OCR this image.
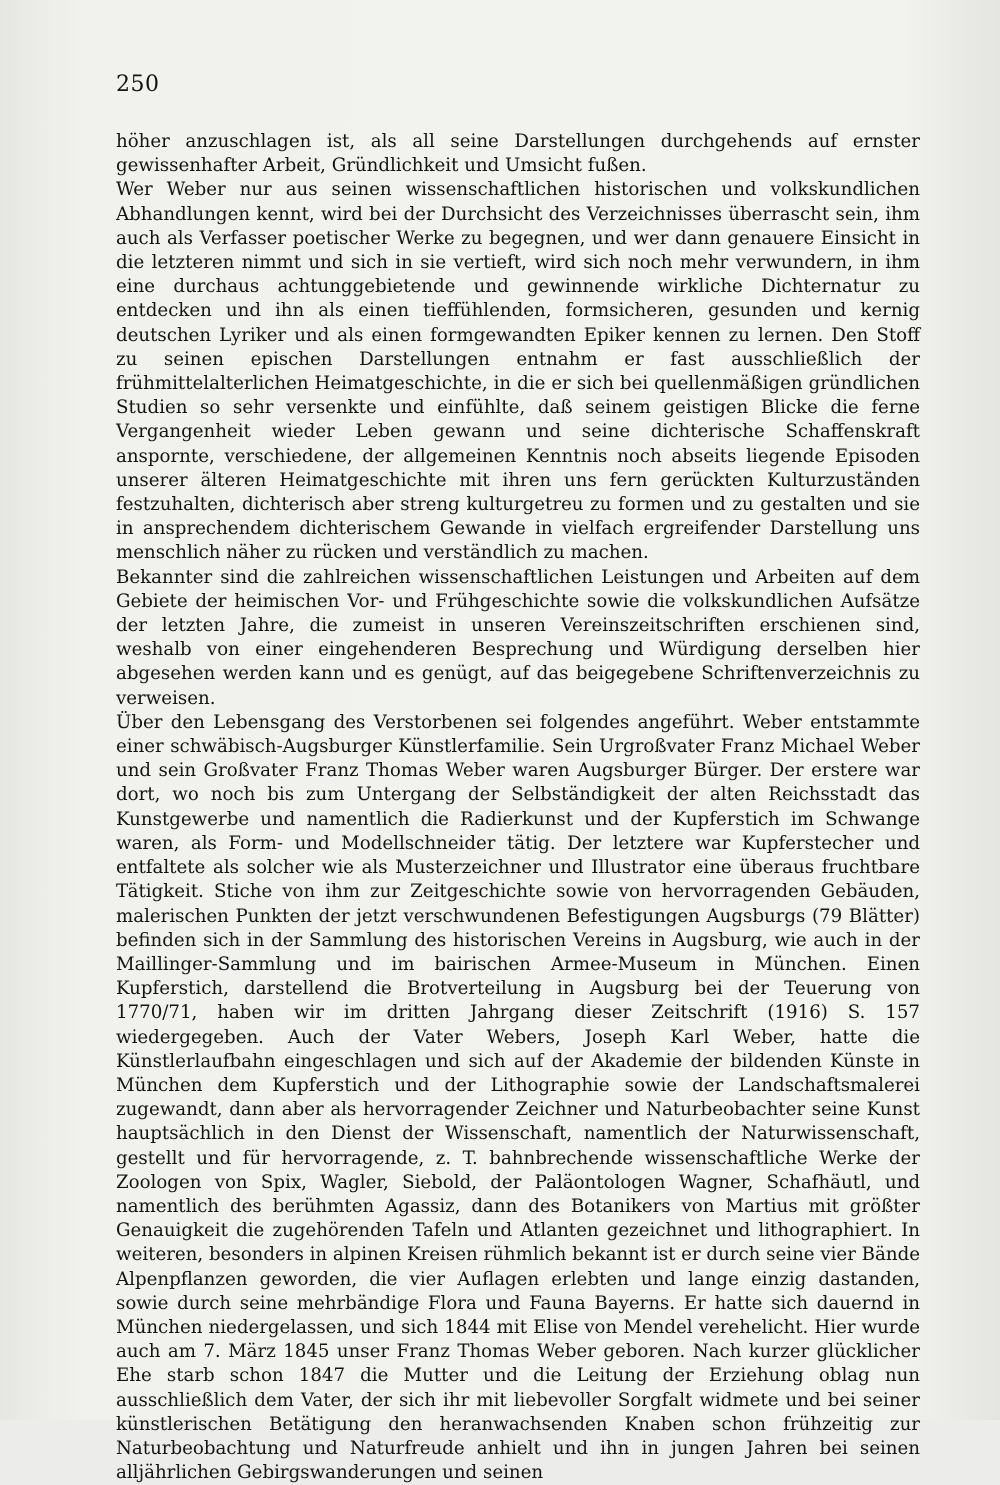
250

höher anzuschlagen ist, als all seine Darstellungen durchgehends auf ernster gewissenhafter Arbeit, Gründlichkeit und Umsicht fußen.

Wer Weber nur aus seinen wissenschaftlichen historischen und volkskundlichen Abhandlungen kennt, wird bei der Durchsicht des Verzeichnisses überrascht sein, ihm auch als Verfasser poetischer Werke zu begegnen, und wer dann genauere Einsicht in die letzteren nimmt und sich in sie vertieft, wird sich noch mehr verwundern, in ihm eine durchaus achtunggebietende und gewinnende wirkliche Dichternatur zu entdecken und ihn als einen tieffühlenden, formsicheren, gesunden und kernig deutschen Lyriker und als einen formgewandten Epiker kennen zu lernen. Den Stoff zu seinen epischen Darstellungen entnahm er fast ausschließlich der frühmittelalterlichen Heimatgeschichte, in die er sich bei quellenmäßigen gründlichen Studien so sehr versenkte und einfühlte, daß seinem geistigen Blicke die ferne Vergangenheit wieder Leben gewann und seine dichterische Schaffenskraft anspornte, verschiedene, der allgemeinen Kenntnis noch abseits liegende Episoden unserer älteren Heimatgeschichte mit ihren uns fern gerückten Kulturzuständen festzuhalten, dichterisch aber streng kulturgetreu zu formen und zu gestalten und sie in ansprechendem dichterischem Gewande in vielfach ergreifender Darstellung uns menschlich näher zu rücken und verständlich zu machen.

Bekannter sind die zahlreichen wissenschaftlichen Leistungen und Arbeiten auf dem Gebiete der heimischen Vor- und Frühgeschichte sowie die volkskundlichen Aufsätze der letzten Jahre, die zumeist in unseren Vereinszeitschriften erschienen sind, weshalb von einer eingehenderen Besprechung und Würdigung derselben hier abgesehen werden kann und es genügt, auf das beigegebene Schriftenverzeichnis zu verweisen.

Über den Lebensgang des Verstorbenen sei folgendes angeführt. Weber entstammte einer schwäbisch-Augsburger Künstlerfamilie. Sein Urgroßvater Franz Michael Weber und sein Großvater Franz Thomas Weber waren Augsburger Bürger. Der erstere war dort, wo noch bis zum Untergang der Selbständigkeit der alten Reichsstadt das Kunstgewerbe und namentlich die Radierkunst und der Kupferstich im Schwange waren, als Form- und Modellschneider tätig. Der letztere war Kupferstecher und entfaltete als solcher wie als Musterzeichner und Illustrator eine überaus fruchtbare Tätigkeit. Stiche von ihm zur Zeitgeschichte sowie von hervorragenden Gebäuden, malerischen Punkten der jetzt verschwundenen Befestigungen Augsburgs (79 Blätter) befinden sich in der Sammlung des historischen Vereins in Augsburg, wie auch in der Maillinger-Sammlung und im bairischen Armee-Museum in München. Einen Kupferstich, darstellend die Brotverteilung in Augsburg bei der Teuerung von 1770/71, haben wir im dritten Jahrgang dieser Zeitschrift (1916) S. 157 wiedergegeben. Auch der Vater Webers, Joseph Karl Weber, hatte die Künstlerlaufbahn eingeschlagen und sich auf der Akademie der bildenden Künste in München dem Kupferstich und der Lithographie sowie der Landschaftsmalerei zugewandt, dann aber als hervorragender Zeichner und Naturbeobachter seine Kunst hauptsächlich in den Dienst der Wissenschaft, namentlich der Naturwissenschaft, gestellt und für hervorragende, z. T. bahnbrechende wissenschaftliche Werke der Zoologen von Spix, Wagler, Siebold, der Paläontologen Wagner, Schafhäutl, und namentlich des berühmten Agassiz, dann des Botanikers von Martius mit größter Genauigkeit die zugehörenden Tafeln und Atlanten gezeichnet und lithographiert. In weiteren, besonders in alpinen Kreisen rühmlich bekannt ist er durch seine vier Bände Alpenpflanzen geworden, die vier Auflagen erlebten und lange einzig dastanden, sowie durch seine mehrbändige Flora und Fauna Bayerns. Er hatte sich dauernd in München niedergelassen, und sich 1844 mit Elise von Mendel verehelicht. Hier wurde auch am 7. März 1845 unser Franz Thomas Weber geboren. Nach kurzer glücklicher Ehe starb schon 1847 die Mutter und die Leitung der Erziehung oblag nun ausschließlich dem Vater, der sich ihr mit liebevoller Sorgfalt widmete und bei seiner künstlerischen Betätigung den heranwachsenden Knaben schon frühzeitig zur Naturbeobachtung und Naturfreude anhielt und ihn in jungen Jahren bei seinen alljährlichen Gebirgswanderungen und seinen
